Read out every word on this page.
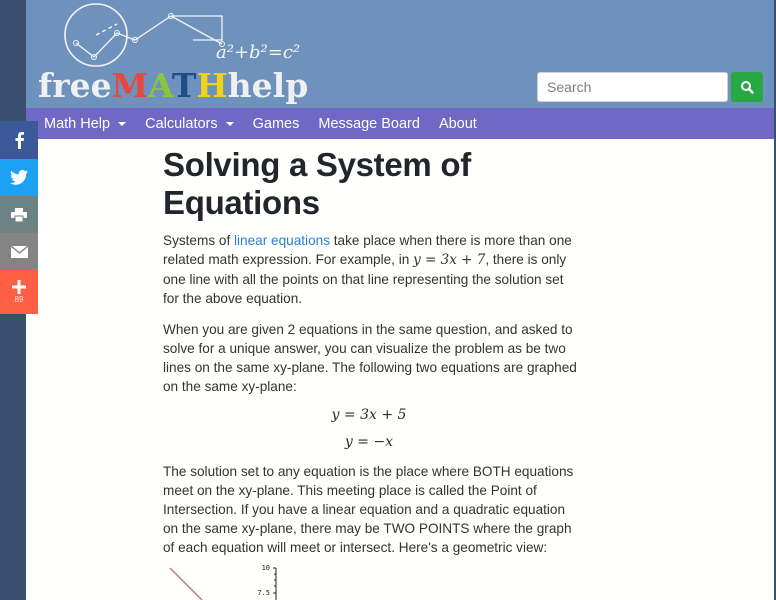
a²+b²=c²
freeMATHhelp
Search
Math Help Calculators Games Message Board About
Solving a System of Equations

Systems of linear equations take place when there is more than one related math expression. For example, in y = 3x + 7, there is only one line with all the points on that line representing the solution set for the above equation.

When you are given 2 equations in the same question, and asked to solve for a unique answer, you can visualize the problem as be two lines on the same xy-plane. The following two equations are graphed on the same xy-plane:

y = 3x + 5
y = −x

The solution set to any equation is the place where BOTH equations meet on the xy-plane. This meeting place is called the Point of Intersection. If you have a linear equation and a quadratic equation on the same xy-plane, there may be TWO POINTS where the graph of each equation will meet or intersect. Here's a geometric view:

10
7.5
89
